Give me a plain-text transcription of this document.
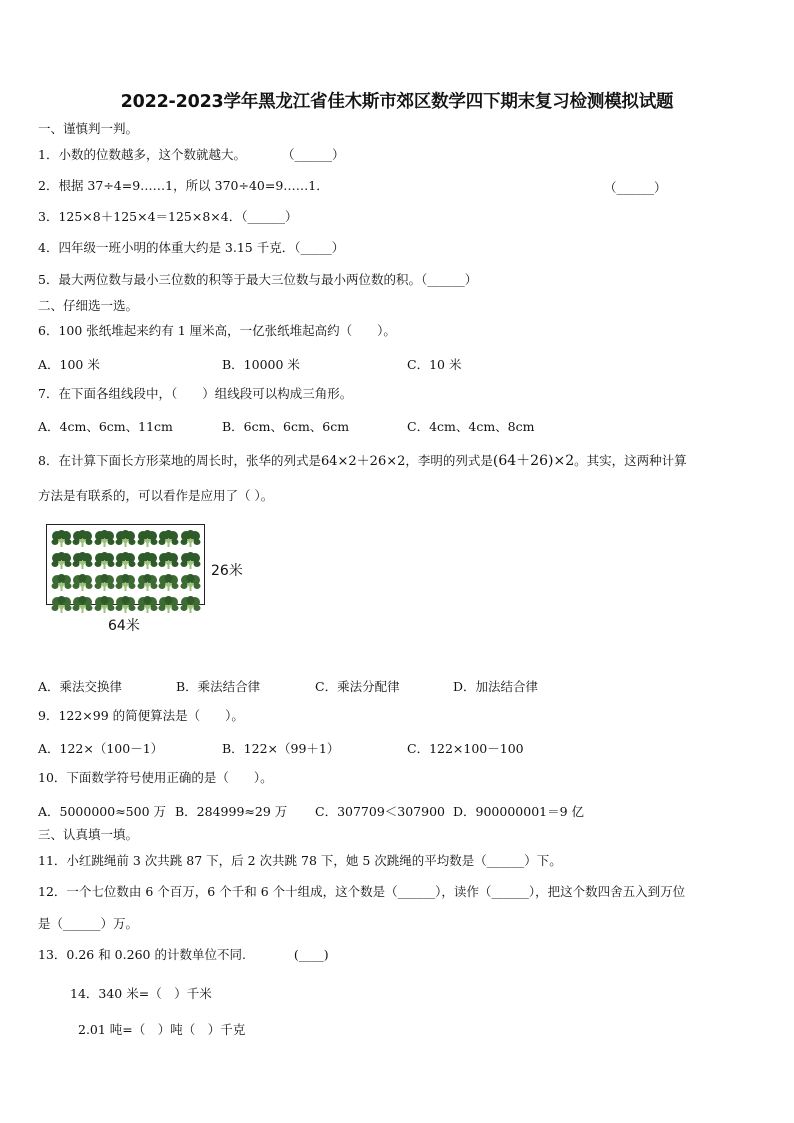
2022-2023学年黑龙江省佳木斯市郊区数学四下期末复习检测模拟试题
一、谨慎判一判。
1．小数的位数越多，这个数就越大。	（______）
2．根据 37÷4=9……1，所以 370÷40=9……1．	（______）
3．125×8＋125×4＝125×8×4．（______）
4．四年级一班小明的体重大约是 3.15 千克．（_____）
5．最大两位数与最小三位数的积等于最大三位数与最小两位数的积。（______）
二、仔细选一选。
6．100 张纸堆起来约有 1 厘米高，一亿张纸堆起高约（　　）。
A．100 米	B．10000 米	C．10 米
7．在下面各组线段中，（　　）组线段可以构成三角形。
A．4cm、6cm、11cm	B．6cm、6cm、6cm	C．4cm、4cm、8cm
8．在计算下面长方形菜地的周长时，张华的列式是64×2＋26×2，李明的列式是(64＋26)×2。其实，这两种计算
方法是有联系的，可以看作是应用了（ ）。
26米
64米
A．乘法交换律	B．乘法结合律	C．乘法分配律	D．加法结合律
9．122×99 的简便算法是（　　）。
A．122×（100－1）	B．122×（99＋1）	C．122×100－100
10．下面数学符号使用正确的是（　　）。
A．5000000≈500 万 B．284999≈29 万 C．307709＜307900 D．900000001＝9 亿
三、认真填一填。
11．小红跳绳前 3 次共跳 87 下，后 2 次共跳 78 下，她 5 次跳绳的平均数是（______）下。
12．一个七位数由 6 个百万，6 个千和 6 个十组成，这个数是（______），读作（______），把这个数四舍五入到万位
是（______）万。
13．0.26 和 0.260 的计数单位不同.	(____)
14．340 米=（　）千米
2.01 吨=（　）吨（　）千克
